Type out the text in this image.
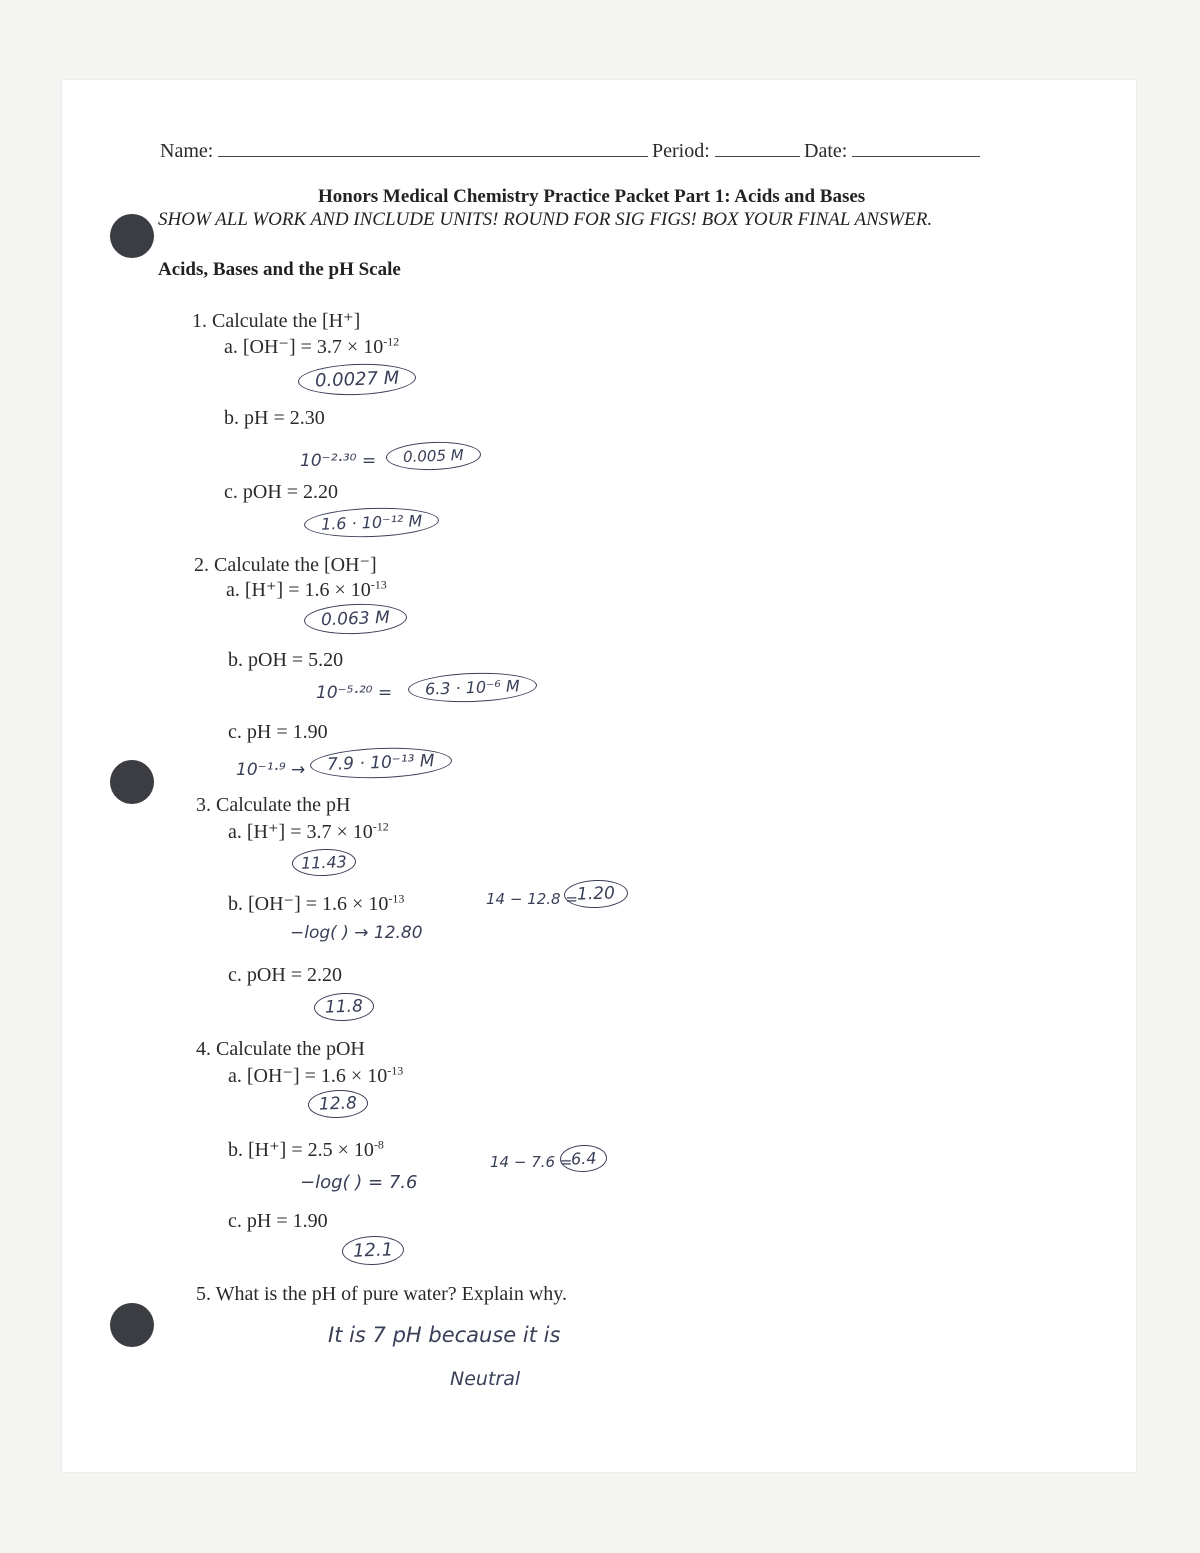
Name:	Period:	Date:
Honors Medical Chemistry Practice Packet Part 1: Acids and Bases
SHOW ALL WORK AND INCLUDE UNITS! ROUND FOR SIG FIGS! BOX YOUR FINAL ANSWER.
Acids, Bases and the pH Scale
1. Calculate the [H⁺]
a. $[OH^-] = 3.7 \times 10^{-12}$
0.0027 M
b. pH = 2.30
10⁻²·³⁰ =	0.005 M
c. pOH = 2.20
1.6 · 10⁻¹² M
2. Calculate the [OH⁻]
a. $[H^+] = 1.6 \times 10^{-13}$
0.063 M
b. pOH = 5.20
10⁻⁵·²⁰ =	6.3 · 10⁻⁶ M
c. pH = 1.90
10⁻¹·⁹ →	7.9 · 10⁻¹³ M
3. Calculate the pH
a. $[H^+] = 3.7 \times 10^{-12}$
11.43
b. $[OH^-] = 1.6 \times 10^{-13}$
−log( ) → 12.80
14 − 12.8 =
1.20
c. pOH = 2.20
11.8
4. Calculate the pOH
a. $[OH^-] = 1.6 \times 10^{-13}$
12.8
b. $[H^+] = 2.5 \times 10^{-8}$
−log( ) = 7.6
14 − 7.6 =
6.4
c. pH = 1.90
12.1
5. What is the pH of pure water? Explain why.
It is 7 pH because it is
Neutral
